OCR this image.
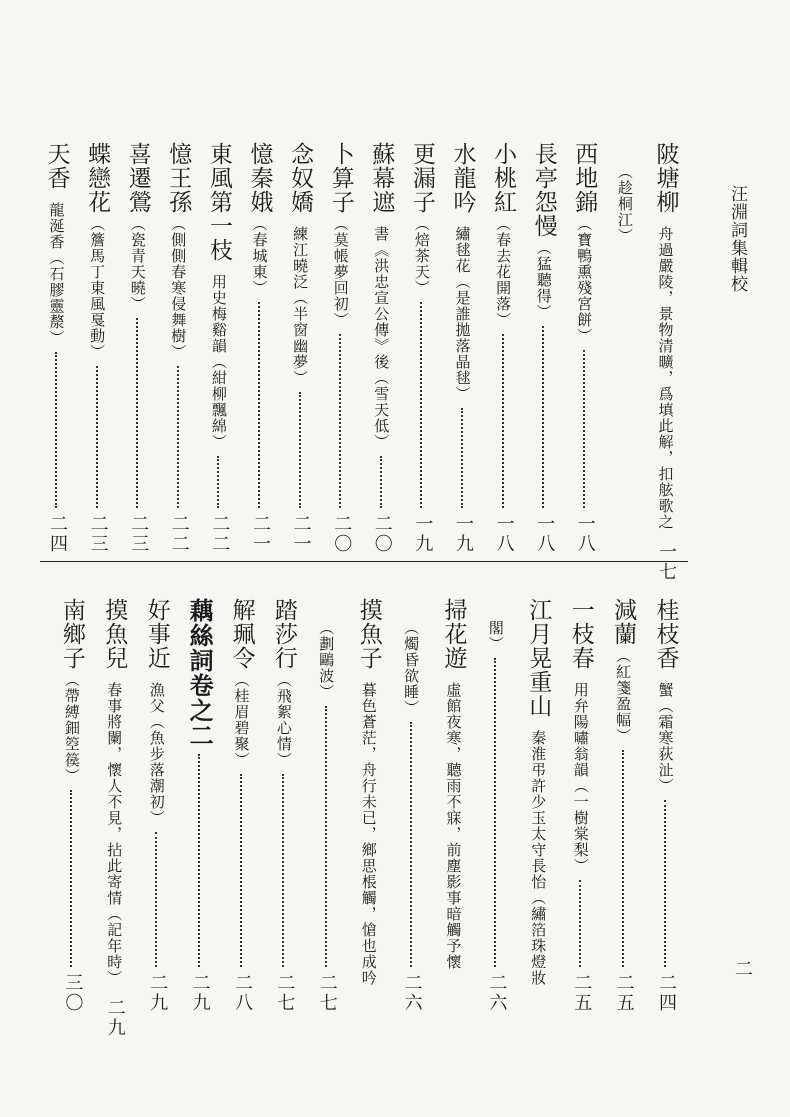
汪淵詞集輯校
二
陂塘柳
舟過嚴陵，景物清曠，爲填此解，扣舷歌之
一七
（趁桐江）
西地錦
（寶鴨熏殘宮餅）
一八
長亭怨慢
（猛聽得）
一八
小桃紅
（春去花開落）
一八
水龍吟
繡毬花（是誰拋落晶毬）
一九
更漏子
（焙茶天）
一九
蘇幕遮
書《洪忠宣公傳》後（雪天低）
二〇
卜算子
（莫帳夢回初）
二〇
念奴嬌
練江曉泛（半窗幽夢）
二一
憶秦娥
（春城東）
二一
東風第一枝
用史梅谿韻（紺柳飄綿）
二二
憶王孫
（側側春寒侵舞樹）
二二
喜遷鶯
（瓷青天曉）
二三
蝶戀花
（簷馬丁東風戛動）
二三
天香
龍涎香（石膠靈漦）
二四
桂枝香
蟹（霜寒荻沚）
二四
減蘭
（紅箋盈幅）
二五
一枝春
用弁陽嘯翁韻（一樹棠梨）
二五
江月晃重山
秦淮弔許少玉太守長怡（繡箔珠燈妝
閣）
二六
掃花遊
虛館夜寒，聽雨不寐，前塵影事暗觸予懷
（燭昏欲睡）
二六
摸魚子
暮色蒼茫，舟行未已，鄉思棖觸，愴也成吟
（劃鷗波）
二七
踏莎行
（飛絮心情）
二七
解珮令
（桂眉碧聚）
二八
藕絲詞卷之二
二九
好事近
漁父（魚步落潮初）
二九
摸魚兒
春事將闌，懷人不見，拈此寄情（記年時）
二九
南鄉子
（帶縛鈿箜篌）
三〇
